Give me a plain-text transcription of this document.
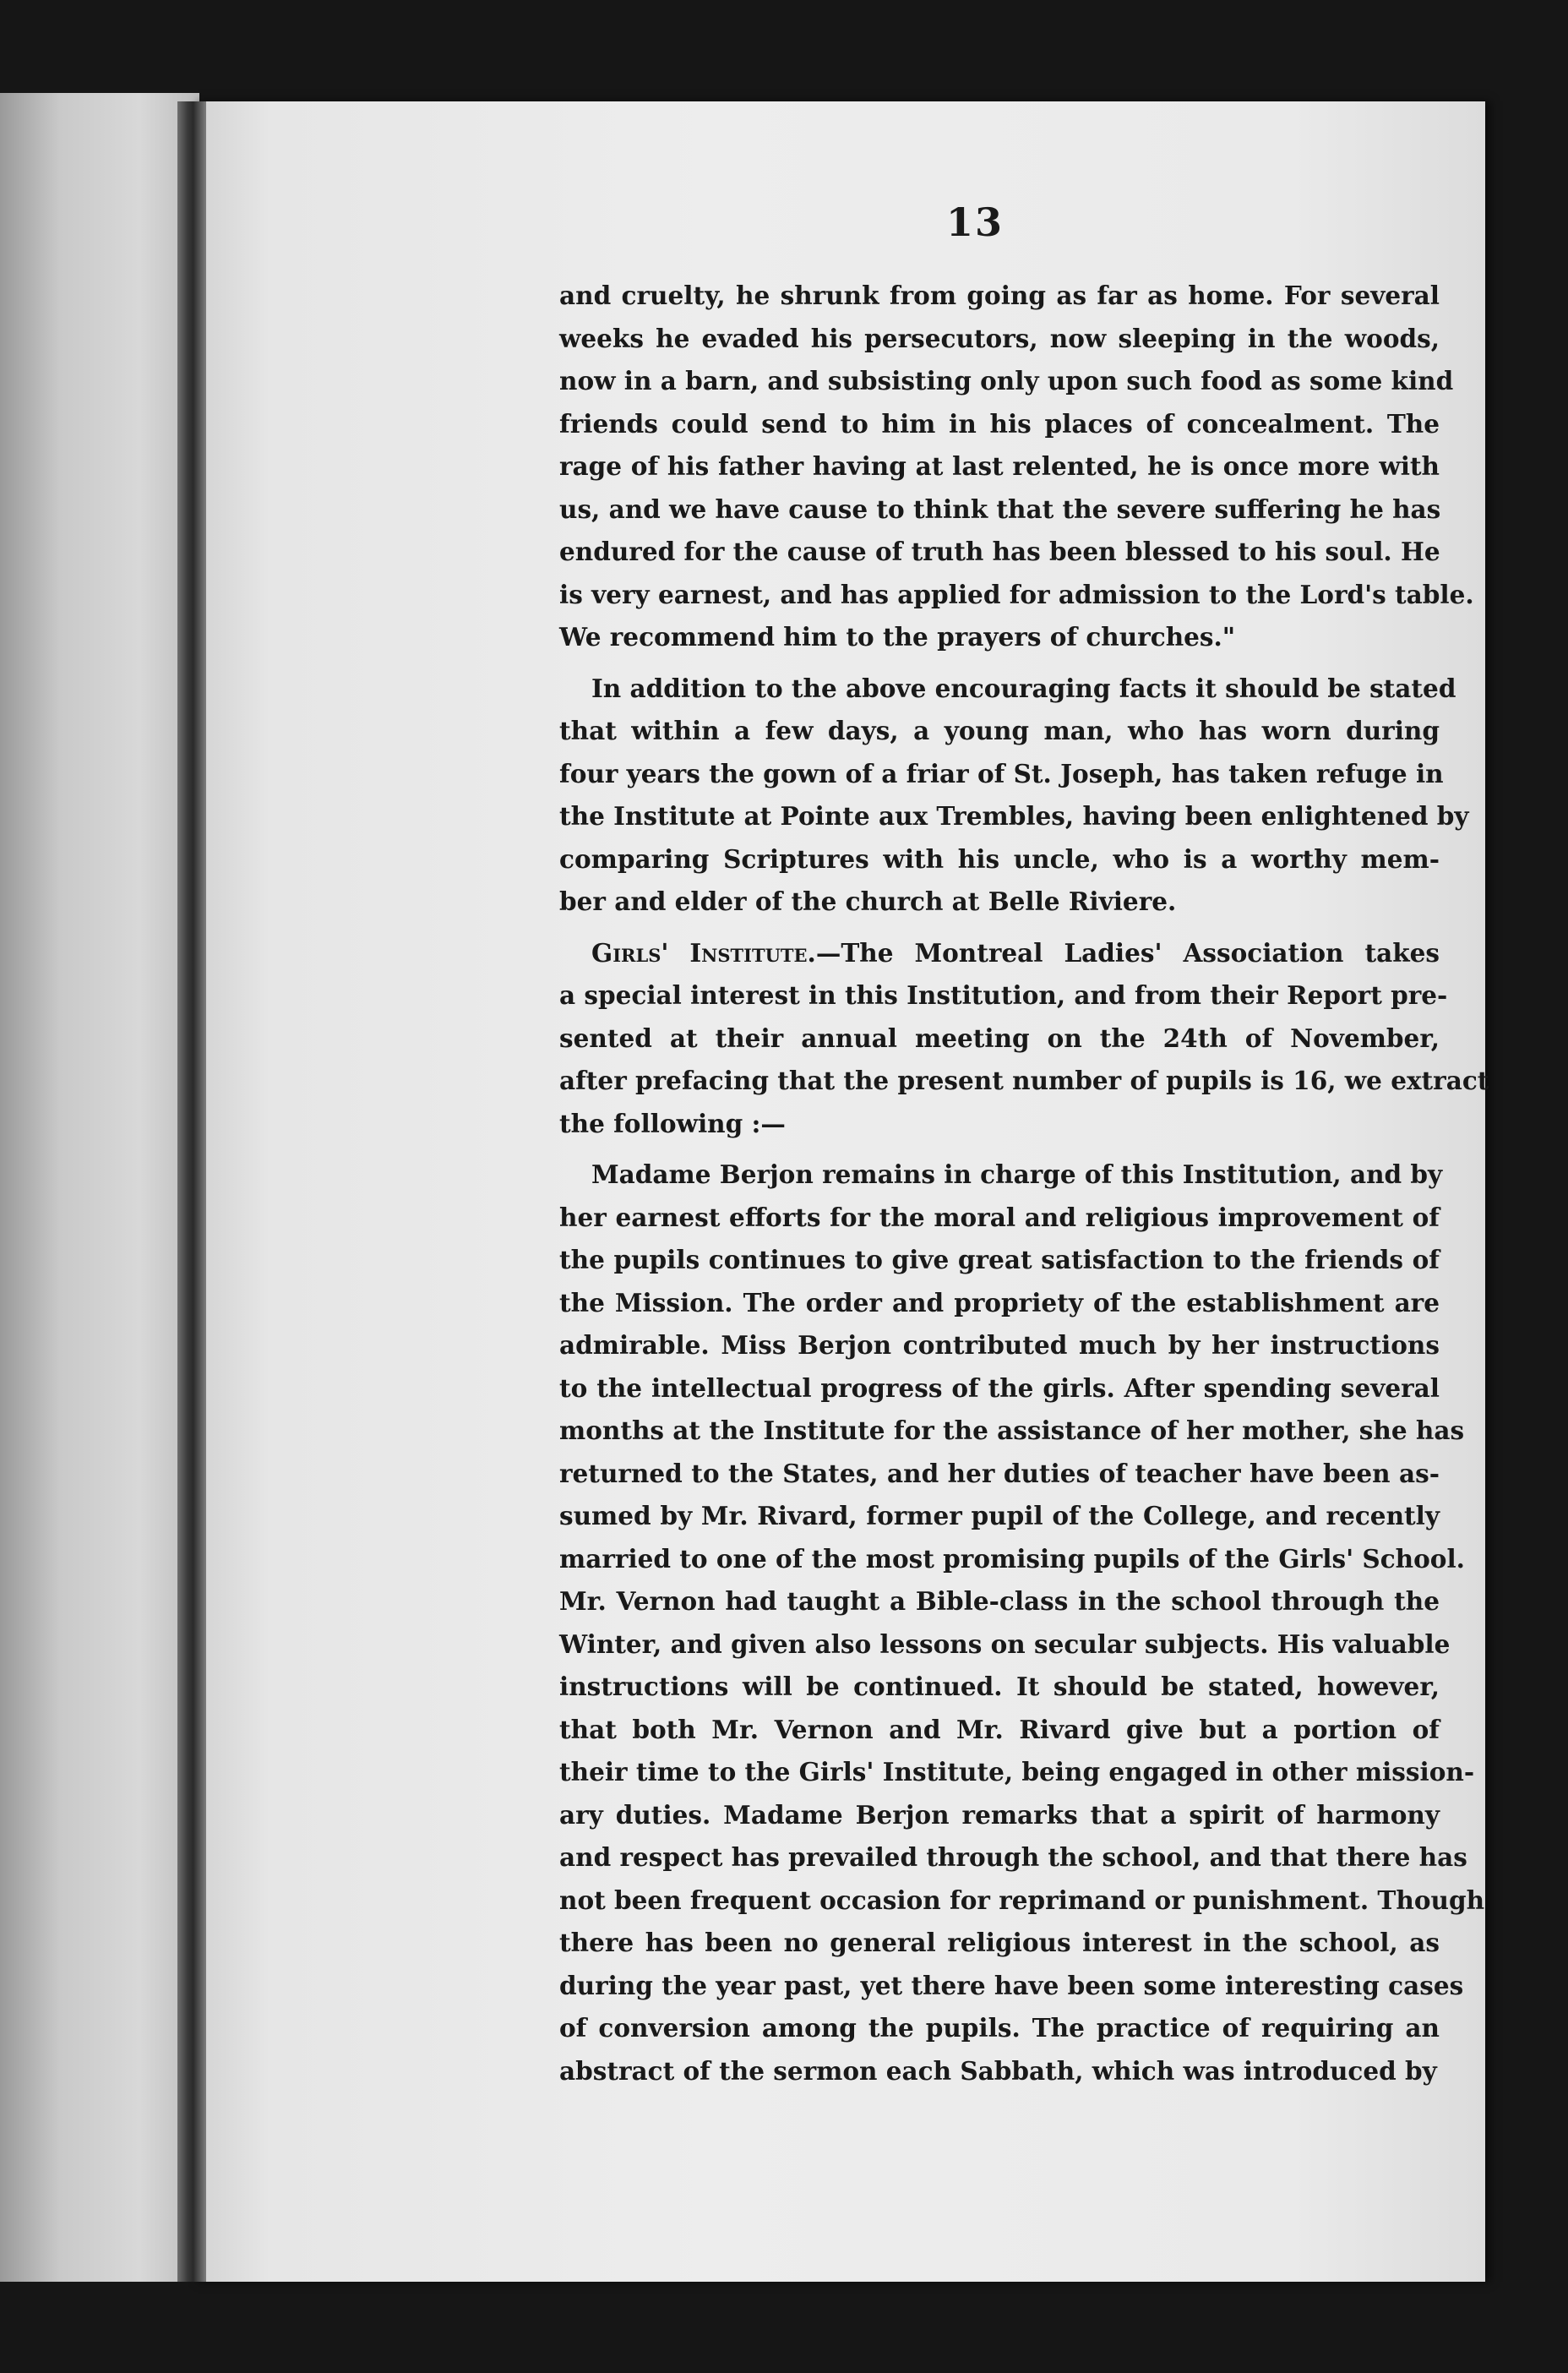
13
and cruelty, he shrunk from going as far as home. For several
weeks he evaded his persecutors, now sleeping in the woods,
now in a barn, and subsisting only upon such food as some kind
friends could send to him in his places of concealment. The
rage of his father having at last relented, he is once more with
us, and we have cause to think that the severe suffering he has
endured for the cause of truth has been blessed to his soul. He
is very earnest, and has applied for admission to the Lord's table.
We recommend him to the prayers of churches."
In addition to the above encouraging facts it should be stated
that within a few days, a young man, who has worn during
four years the gown of a friar of St. Joseph, has taken refuge in
the Institute at Pointe aux Trembles, having been enlightened by
comparing Scriptures with his uncle, who is a worthy mem-
ber and elder of the church at Belle Riviere.
Girls' Institute.—The Montreal Ladies' Association takes
a special interest in this Institution, and from their Report pre-
sented at their annual meeting on the 24th of November,
after prefacing that the present number of pupils is 16, we extract
the following :—
Madame Berjon remains in charge of this Institution, and by
her earnest efforts for the moral and religious improvement of
the pupils continues to give great satisfaction to the friends of
the Mission. The order and propriety of the establishment are
admirable. Miss Berjon contributed much by her instructions
to the intellectual progress of the girls. After spending several
months at the Institute for the assistance of her mother, she has
returned to the States, and her duties of teacher have been as-
sumed by Mr. Rivard, former pupil of the College, and recently
married to one of the most promising pupils of the Girls' School.
Mr. Vernon had taught a Bible-class in the school through the
Winter, and given also lessons on secular subjects. His valuable
instructions will be continued. It should be stated, however,
that both Mr. Vernon and Mr. Rivard give but a portion of
their time to the Girls' Institute, being engaged in other mission-
ary duties. Madame Berjon remarks that a spirit of harmony
and respect has prevailed through the school, and that there has
not been frequent occasion for reprimand or punishment. Though
there has been no general religious interest in the school, as
during the year past, yet there have been some interesting cases
of conversion among the pupils. The practice of requiring an
abstract of the sermon each Sabbath, which was introduced by
